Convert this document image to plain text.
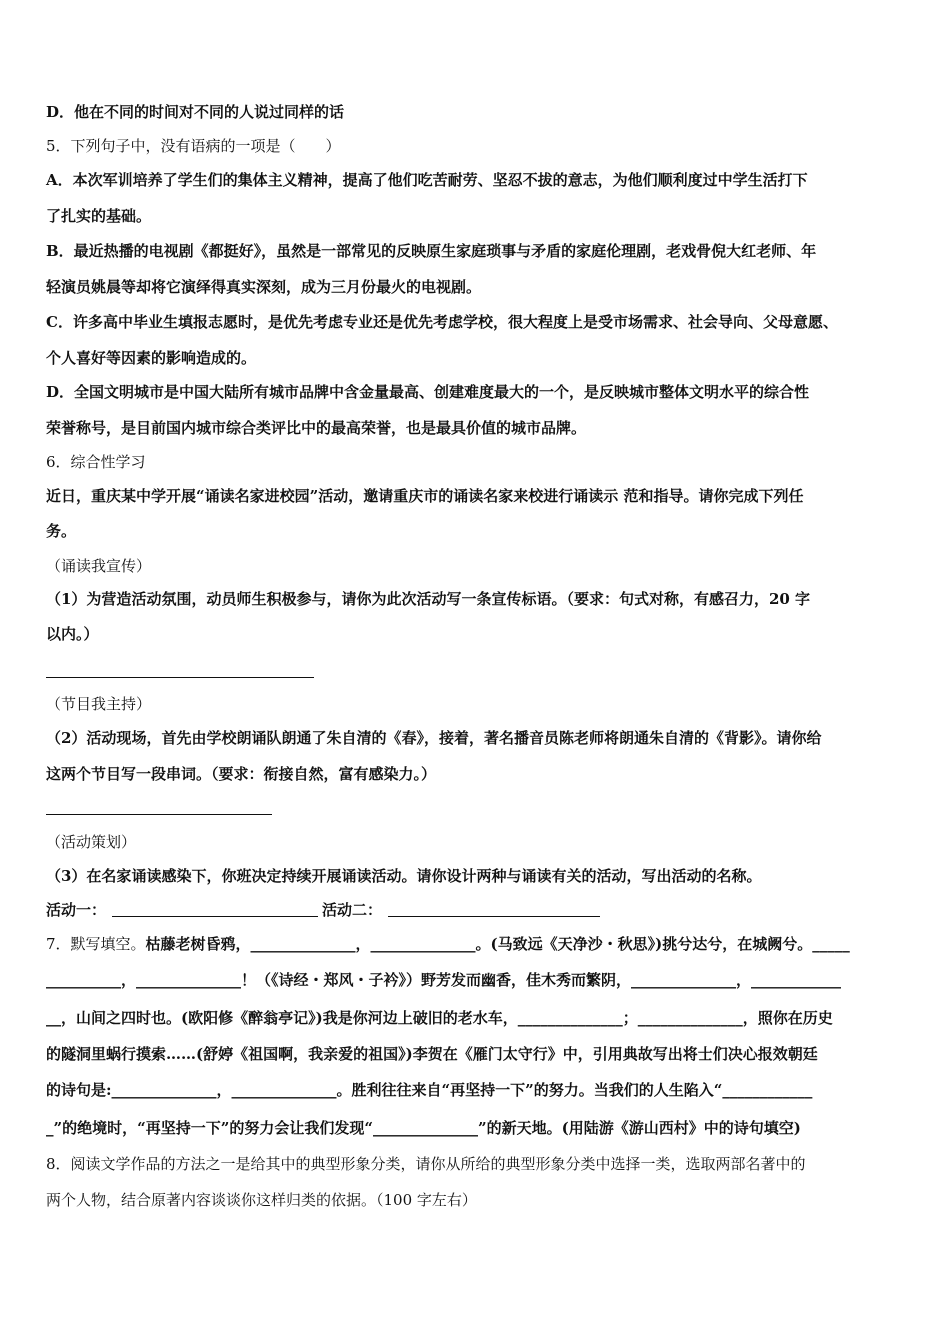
D．他在不同的时间对不同的人说过同样的话

5．下列句子中，没有语病的一项是（　　）

A．本次军训培养了学生们的集体主义精神，提高了他们吃苦耐劳、坚忍不拔的意志，为他们顺利度过中学生活打下

了扎实的基础。

B．最近热播的电视剧《都挺好》，虽然是一部常见的反映原生家庭琐事与矛盾的家庭伦理剧，老戏骨倪大红老师、年

轻演员姚晨等却将它演绎得真实深刻，成为三月份最火的电视剧。

C．许多高中毕业生填报志愿时，是优先考虑专业还是优先考虑学校，很大程度上是受市场需求、社会导向、父母意愿、

个人喜好等因素的影响造成的。

D．全国文明城市是中国大陆所有城市品牌中含金量最高、创建难度最大的一个，是反映城市整体文明水平的综合性

荣誉称号，是目前国内城市综合类评比中的最高荣誉，也是最具价值的城市品牌。

6．综合性学习

近日，重庆某中学开展“诵读名家进校园”活动，邀请重庆市的诵读名家来校进行诵读示 范和指导。请你完成下列任

务。

（诵读我宣传）

（1）为营造活动氛围，动员师生积极参与，请你为此次活动写一条宣传标语。（要求：句式对称，有感召力，20 字

以内。）

（节目我主持）

（2）活动现场，首先由学校朗诵队朗通了朱自清的《春》，接着，著名播音员陈老师将朗通朱自清的《背影》。请你给

这两个节目写一段串词。（要求：衔接自然，富有感染力。）

（活动策划）

（3）在名家诵读感染下，你班决定持续开展诵读活动。请你设计两种与诵读有关的活动，写出活动的名称。

活动一：	活动二：

7．默写填空。枯藤老树昏鸦，______________，______________。(马致远《天净沙・秋思》)挑兮达兮，在城阙兮。_____

__________，______________！（《诗经・郑风・子衿》）野芳发而幽香，佳木秀而繁阴，______________，____________

__，山间之四时也。(欧阳修《醉翁亭记》)我是你河边上破旧的老水车，______________；______________，照你在历史

的隧洞里蜗行摸索……(舒婷《祖国啊，我亲爱的祖国》)李贺在《雁门太守行》中，引用典故写出将士们决心报效朝廷

的诗句是:______________，______________。胜利往往来自“再坚持一下”的努力。当我们的人生陷入“____________

_”的绝境时，“再坚持一下”的努力会让我们发现“______________”的新天地。(用陆游《游山西村》中的诗句填空)

8．阅读文学作品的方法之一是给其中的典型形象分类，请你从所给的典型形象分类中选择一类，选取两部名著中的

两个人物，结合原著内容谈谈你这样归类的依据。（100 字左右）
